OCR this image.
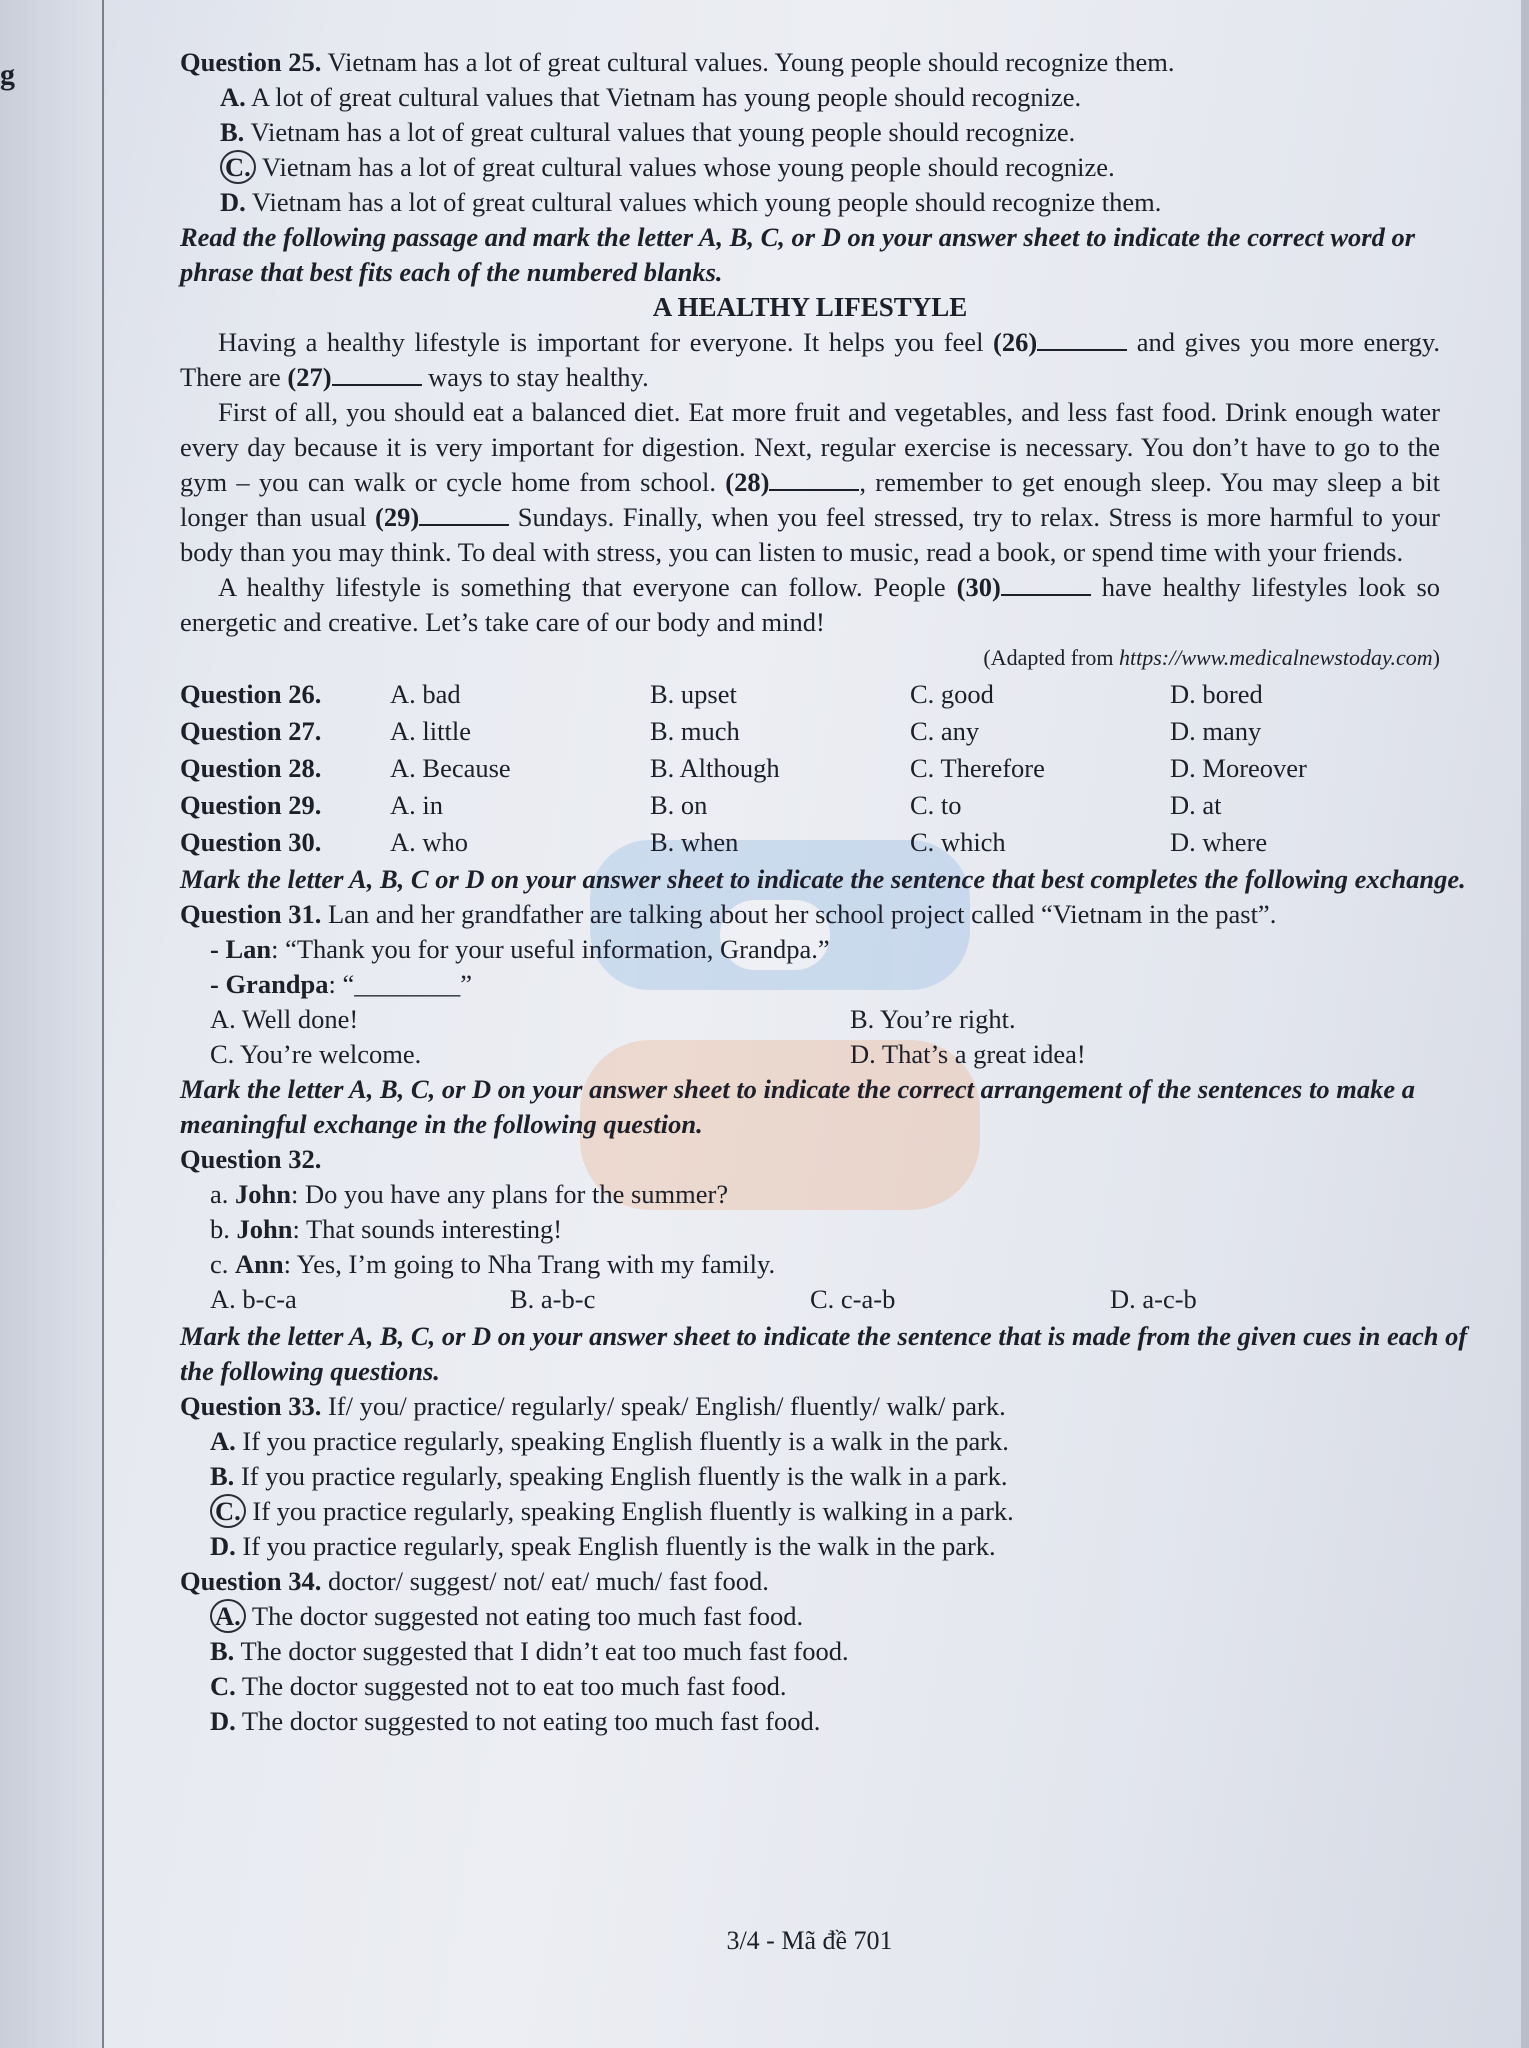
g	Question 25. Vietnam has a lot of great cultural values. Young people should recognize them.
A. A lot of great cultural values that Vietnam has young people should recognize.
B. Vietnam has a lot of great cultural values that young people should recognize.
C. Vietnam has a lot of great cultural values whose young people should recognize.
D. Vietnam has a lot of great cultural values which young people should recognize them.
Read the following passage and mark the letter A, B, C, or D on your answer sheet to indicate the correct word or phrase that best fits each of the numbered blanks.
A HEALTHY LIFESTYLE
Having a healthy lifestyle is important for everyone. It helps you feel (26)	and gives you more energy. There are (27)	ways to stay healthy.
First of all, you should eat a balanced diet. Eat more fruit and vegetables, and less fast food. Drink enough water every day because it is very important for digestion. Next, regular exercise is necessary. You don’t have to go to the gym – you can walk or cycle home from school. (28)	, remember to get enough sleep. You may sleep a bit longer than usual (29)	Sundays. Finally, when you feel stressed, try to relax. Stress is more harmful to your body than you may think. To deal with stress, you can listen to music, read a book, or spend time with your friends.
A healthy lifestyle is something that everyone can follow. People (30)	have healthy lifestyles look so energetic and creative. Let’s take care of our body and mind!
(Adapted from https://www.medicalnewstoday.com)
Question 26.	A. bad	B. upset	C. good	D. bored
Question 27.	A. little	B. much	C. any	D. many
Question 28.	A. Because	B. Although	C. Therefore	D. Moreover
Question 29.	A. in	B. on	C. to	D. at
Question 30.	A. who	B. when	C. which	D. where
Mark the letter A, B, C or D on your answer sheet to indicate the sentence that best completes the following exchange.
Question 31. Lan and her grandfather are talking about her school project called “Vietnam in the past”.
- Lan: “Thank you for your useful information, Grandpa.”
- Grandpa: “________”
A. Well done!	B. You’re right.
C. You’re welcome.	D. That’s a great idea!
Mark the letter A, B, C, or D on your answer sheet to indicate the correct arrangement of the sentences to make a meaningful exchange in the following question.
Question 32.
a. John: Do you have any plans for the summer?
b. John: That sounds interesting!
c. Ann: Yes, I’m going to Nha Trang with my family.
A. b-c-a	B. a-b-c	C. c-a-b	D. a-c-b
Mark the letter A, B, C, or D on your answer sheet to indicate the sentence that is made from the given cues in each of the following questions.
Question 33. If/ you/ practice/ regularly/ speak/ English/ fluently/ walk/ park.
A. If you practice regularly, speaking English fluently is a walk in the park.
B. If you practice regularly, speaking English fluently is the walk in a park.
C. If you practice regularly, speaking English fluently is walking in a park.
D. If you practice regularly, speak English fluently is the walk in the park.
Question 34. doctor/ suggest/ not/ eat/ much/ fast food.
A. The doctor suggested not eating too much fast food.
B. The doctor suggested that I didn’t eat too much fast food.
C. The doctor suggested not to eat too much fast food.
D. The doctor suggested to not eating too much fast food.
3/4 - Mã đề 701
